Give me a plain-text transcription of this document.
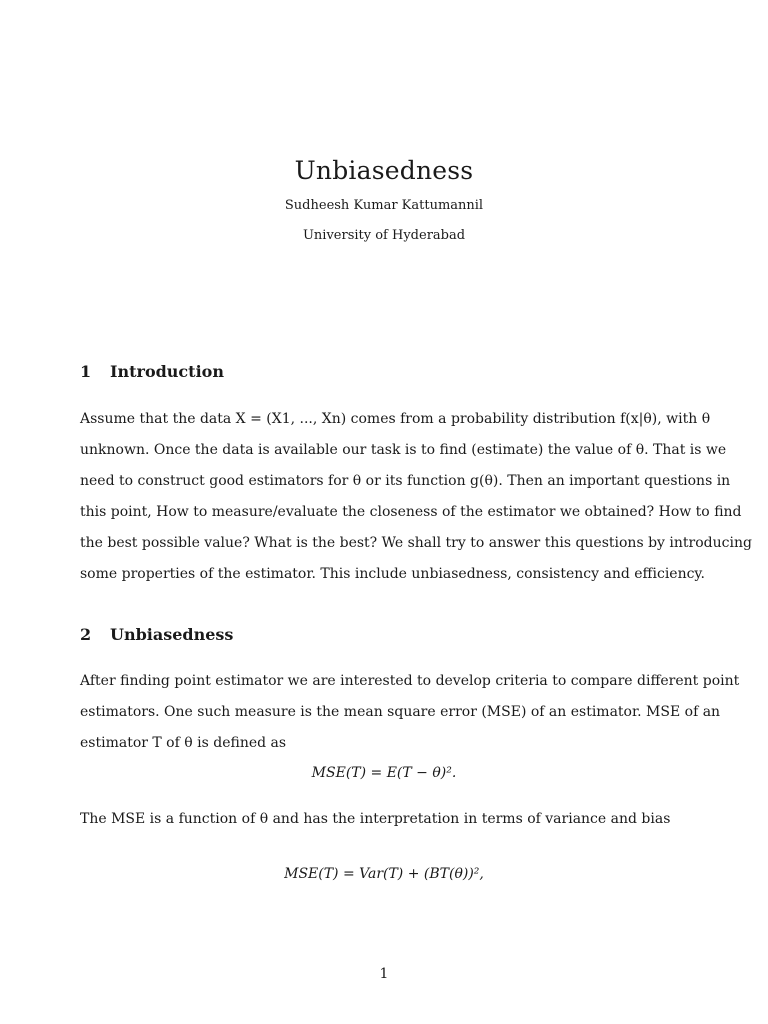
Unbiasedness
Sudheesh Kumar Kattumannil
University of Hyderabad
1 Introduction
Assume that the data X = (X1, ..., Xn) comes from a probability distribution f(x|θ), with θ
unknown. Once the data is available our task is to find (estimate) the value of θ. That is we
need to construct good estimators for θ or its function g(θ). Then an important questions in
this point, How to measure/evaluate the closeness of the estimator we obtained? How to find
the best possible value? What is the best? We shall try to answer this questions by introducing
some properties of the estimator. This include unbiasedness, consistency and efficiency.
2 Unbiasedness
After finding point estimator we are interested to develop criteria to compare different point
estimators. One such measure is the mean square error (MSE) of an estimator. MSE of an
estimator T of θ is defined as
MSE(T) = E(T − θ)².
The MSE is a function of θ and has the interpretation in terms of variance and bias
MSE(T) = Var(T) + (BT(θ))²,
1
